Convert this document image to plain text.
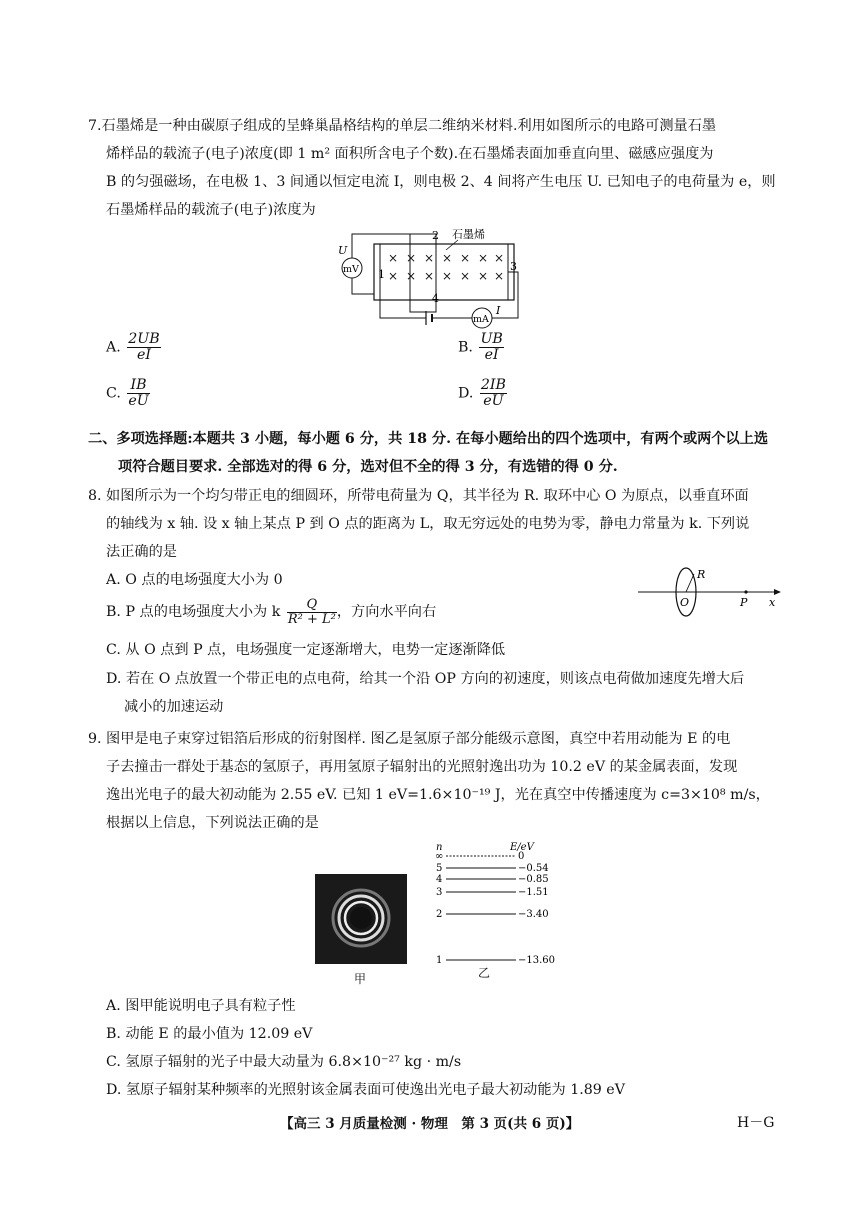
7.石墨烯是一种由碳原子组成的呈蜂巢晶格结构的单层二维纳米材料.利用如图所示的电路可测量石墨
烯样品的载流子(电子)浓度(即 1 m² 面积所含电子个数).在石墨烯表面加垂直向里、磁感应强度为
B 的匀强磁场，在电极 1、3 间通以恒定电流 I，则电极 2、4 间将产生电压 U. 已知电子的电荷量为 e，则
石墨烯样品的载流子(电子)浓度为
× × × × × × ×
× × × × × × ×
1
2
3
4
石墨烯
mV
U
mA
I
A. $\frac{2UB}{eI}$	B. $\frac{UB}{eI}$
C. $\frac{IB}{eU}$	D. $\frac{2IB}{eU}$
二、多项选择题:本题共 3 小题，每小题 6 分，共 18 分. 在每小题给出的四个选项中，有两个或两个以上选
项符合题目要求. 全部选对的得 6 分，选对但不全的得 3 分，有选错的得 0 分.
8. 如图所示为一个均匀带正电的细圆环，所带电荷量为 Q，其半径为 R. 取环中心 O 为原点，以垂直环面
的轴线为 x 轴. 设 x 轴上某点 P 到 O 点的距离为 L，取无穷远处的电势为零，静电力常量为 k. 下列说
法正确的是
A. O 点的电场强度大小为 0
B. P 点的电场强度大小为 k $\frac{Q}{\text{R² + L²}}$ ，方向水平向右
C. 从 O 点到 P 点，电场强度一定逐渐增大，电势一定逐渐降低
D. 若在 O 点放置一个带正电的点电荷，给其一个沿 OP 方向的初速度，则该点电荷做加速度先增大后
减小的加速运动
R
O	P x
9. 图甲是电子束穿过铝箔后形成的衍射图样. 图乙是氢原子部分能级示意图，真空中若用动能为 E 的电
子去撞击一群处于基态的氢原子，再用氢原子辐射出的光照射逸出功为 10.2 eV 的某金属表面，发现
逸出光电子的最大初动能为 2.55 eV. 已知 1 eV=1.6×10⁻¹⁹ J，光在真空中传播速度为 c=3×10⁸ m/s，
根据以上信息，下列说法正确的是
甲
n	E/eV
∞	0
5	−0.54
4	−0.85
3	−1.51
2	−3.40
1	−13.60
乙
A. 图甲能说明电子具有粒子性
B. 动能 E 的最小值为 12.09 eV
C. 氢原子辐射的光子中最大动量为 6.8×10⁻²⁷ kg · m/s
D. 氢原子辐射某种频率的光照射该金属表面可使逸出光电子最大初动能为 1.89 eV
【高三 3 月质量检测 · 物理　第 3 页(共 6 页)】	H－G
